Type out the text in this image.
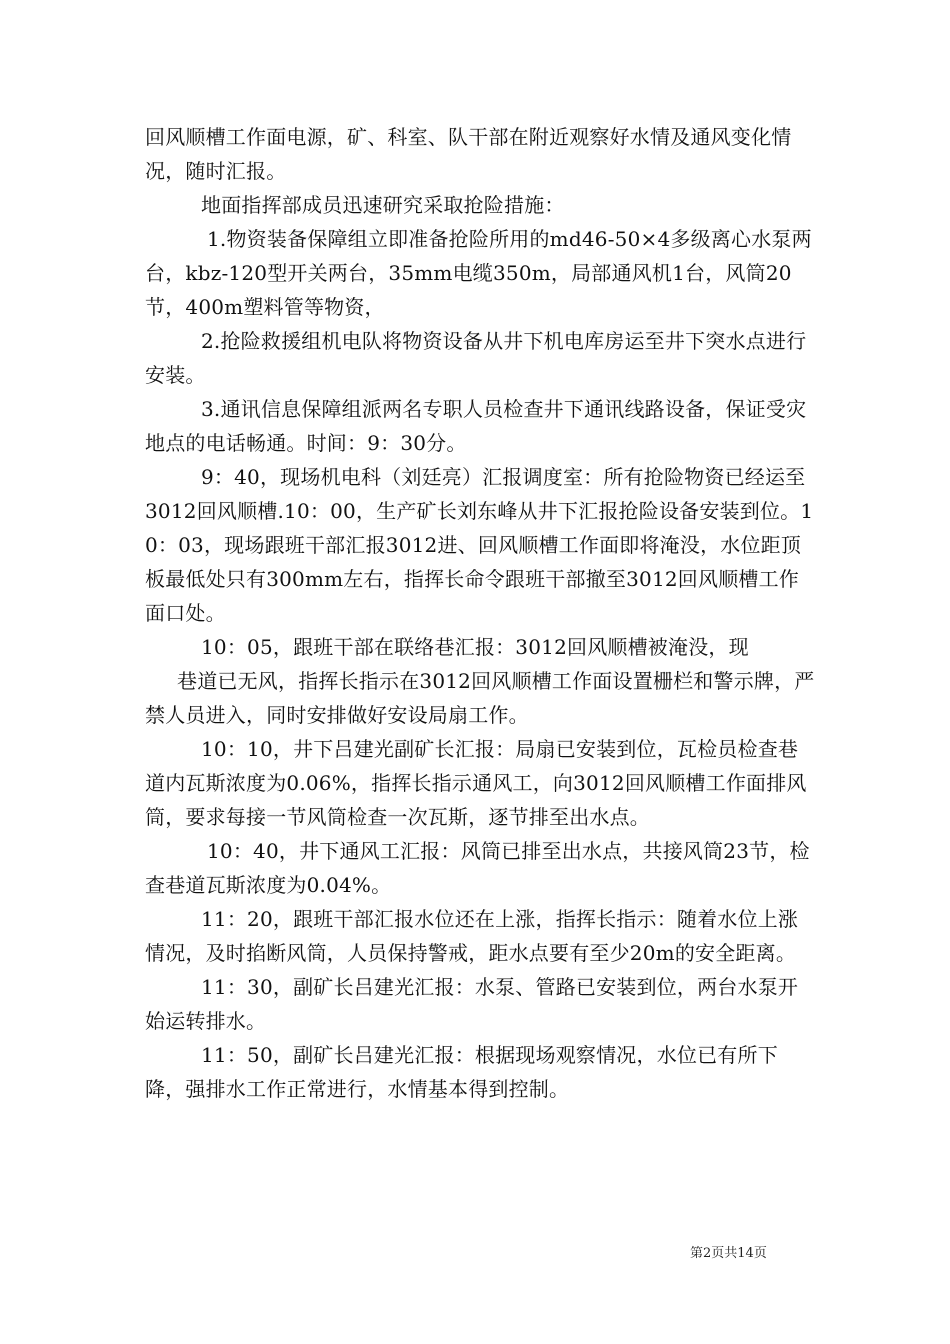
回风顺槽工作面电源，矿、科室、队干部在附近观察好水情及通风变化情况，随时汇报。

地面指挥部成员迅速研究采取抢险措施：

1.物资装备保障组立即准备抢险所用的md46-50×4多级离心水泵两台，kbz-120型开关两台，35mm电缆350m，局部通风机1台，风筒20节，400m塑料管等物资，

2.抢险救援组机电队将物资设备从井下机电库房运至井下突水点进行安装。

3.通讯信息保障组派两名专职人员检查井下通讯线路设备，保证受灾地点的电话畅通。时间：9：30分。

9：40，现场机电科（刘廷亮）汇报调度室：所有抢险物资已经运至3012回风顺槽.10：00，生产矿长刘东峰从井下汇报抢险设备安装到位。10：03，现场跟班干部汇报3012进、回风顺槽工作面即将淹没，水位距顶板最低处只有300mm左右，指挥长命令跟班干部撤至3012回风顺槽工作面口处。

10：05，跟班干部在联络巷汇报：3012回风顺槽被淹没，现

巷道已无风，指挥长指示在3012回风顺槽工作面设置栅栏和警示牌，严禁人员进入，同时安排做好安设局扇工作。

10：10，井下吕建光副矿长汇报：局扇已安装到位，瓦检员检查巷道内瓦斯浓度为0.06%，指挥长指示通风工，向3012回风顺槽工作面排风筒，要求每接一节风筒检查一次瓦斯，逐节排至出水点。

10：40，井下通风工汇报：风筒已排至出水点，共接风筒23节，检查巷道瓦斯浓度为0.04%。

11：20，跟班干部汇报水位还在上涨，指挥长指示：随着水位上涨情况，及时掐断风筒，人员保持警戒，距水点要有至少20m的安全距离。

11：30，副矿长吕建光汇报：水泵、管路已安装到位，两台水泵开始运转排水。

11：50，副矿长吕建光汇报：根据现场观察情况，水位已有所下降，强排水工作正常进行，水情基本得到控制。

第2页共14页
